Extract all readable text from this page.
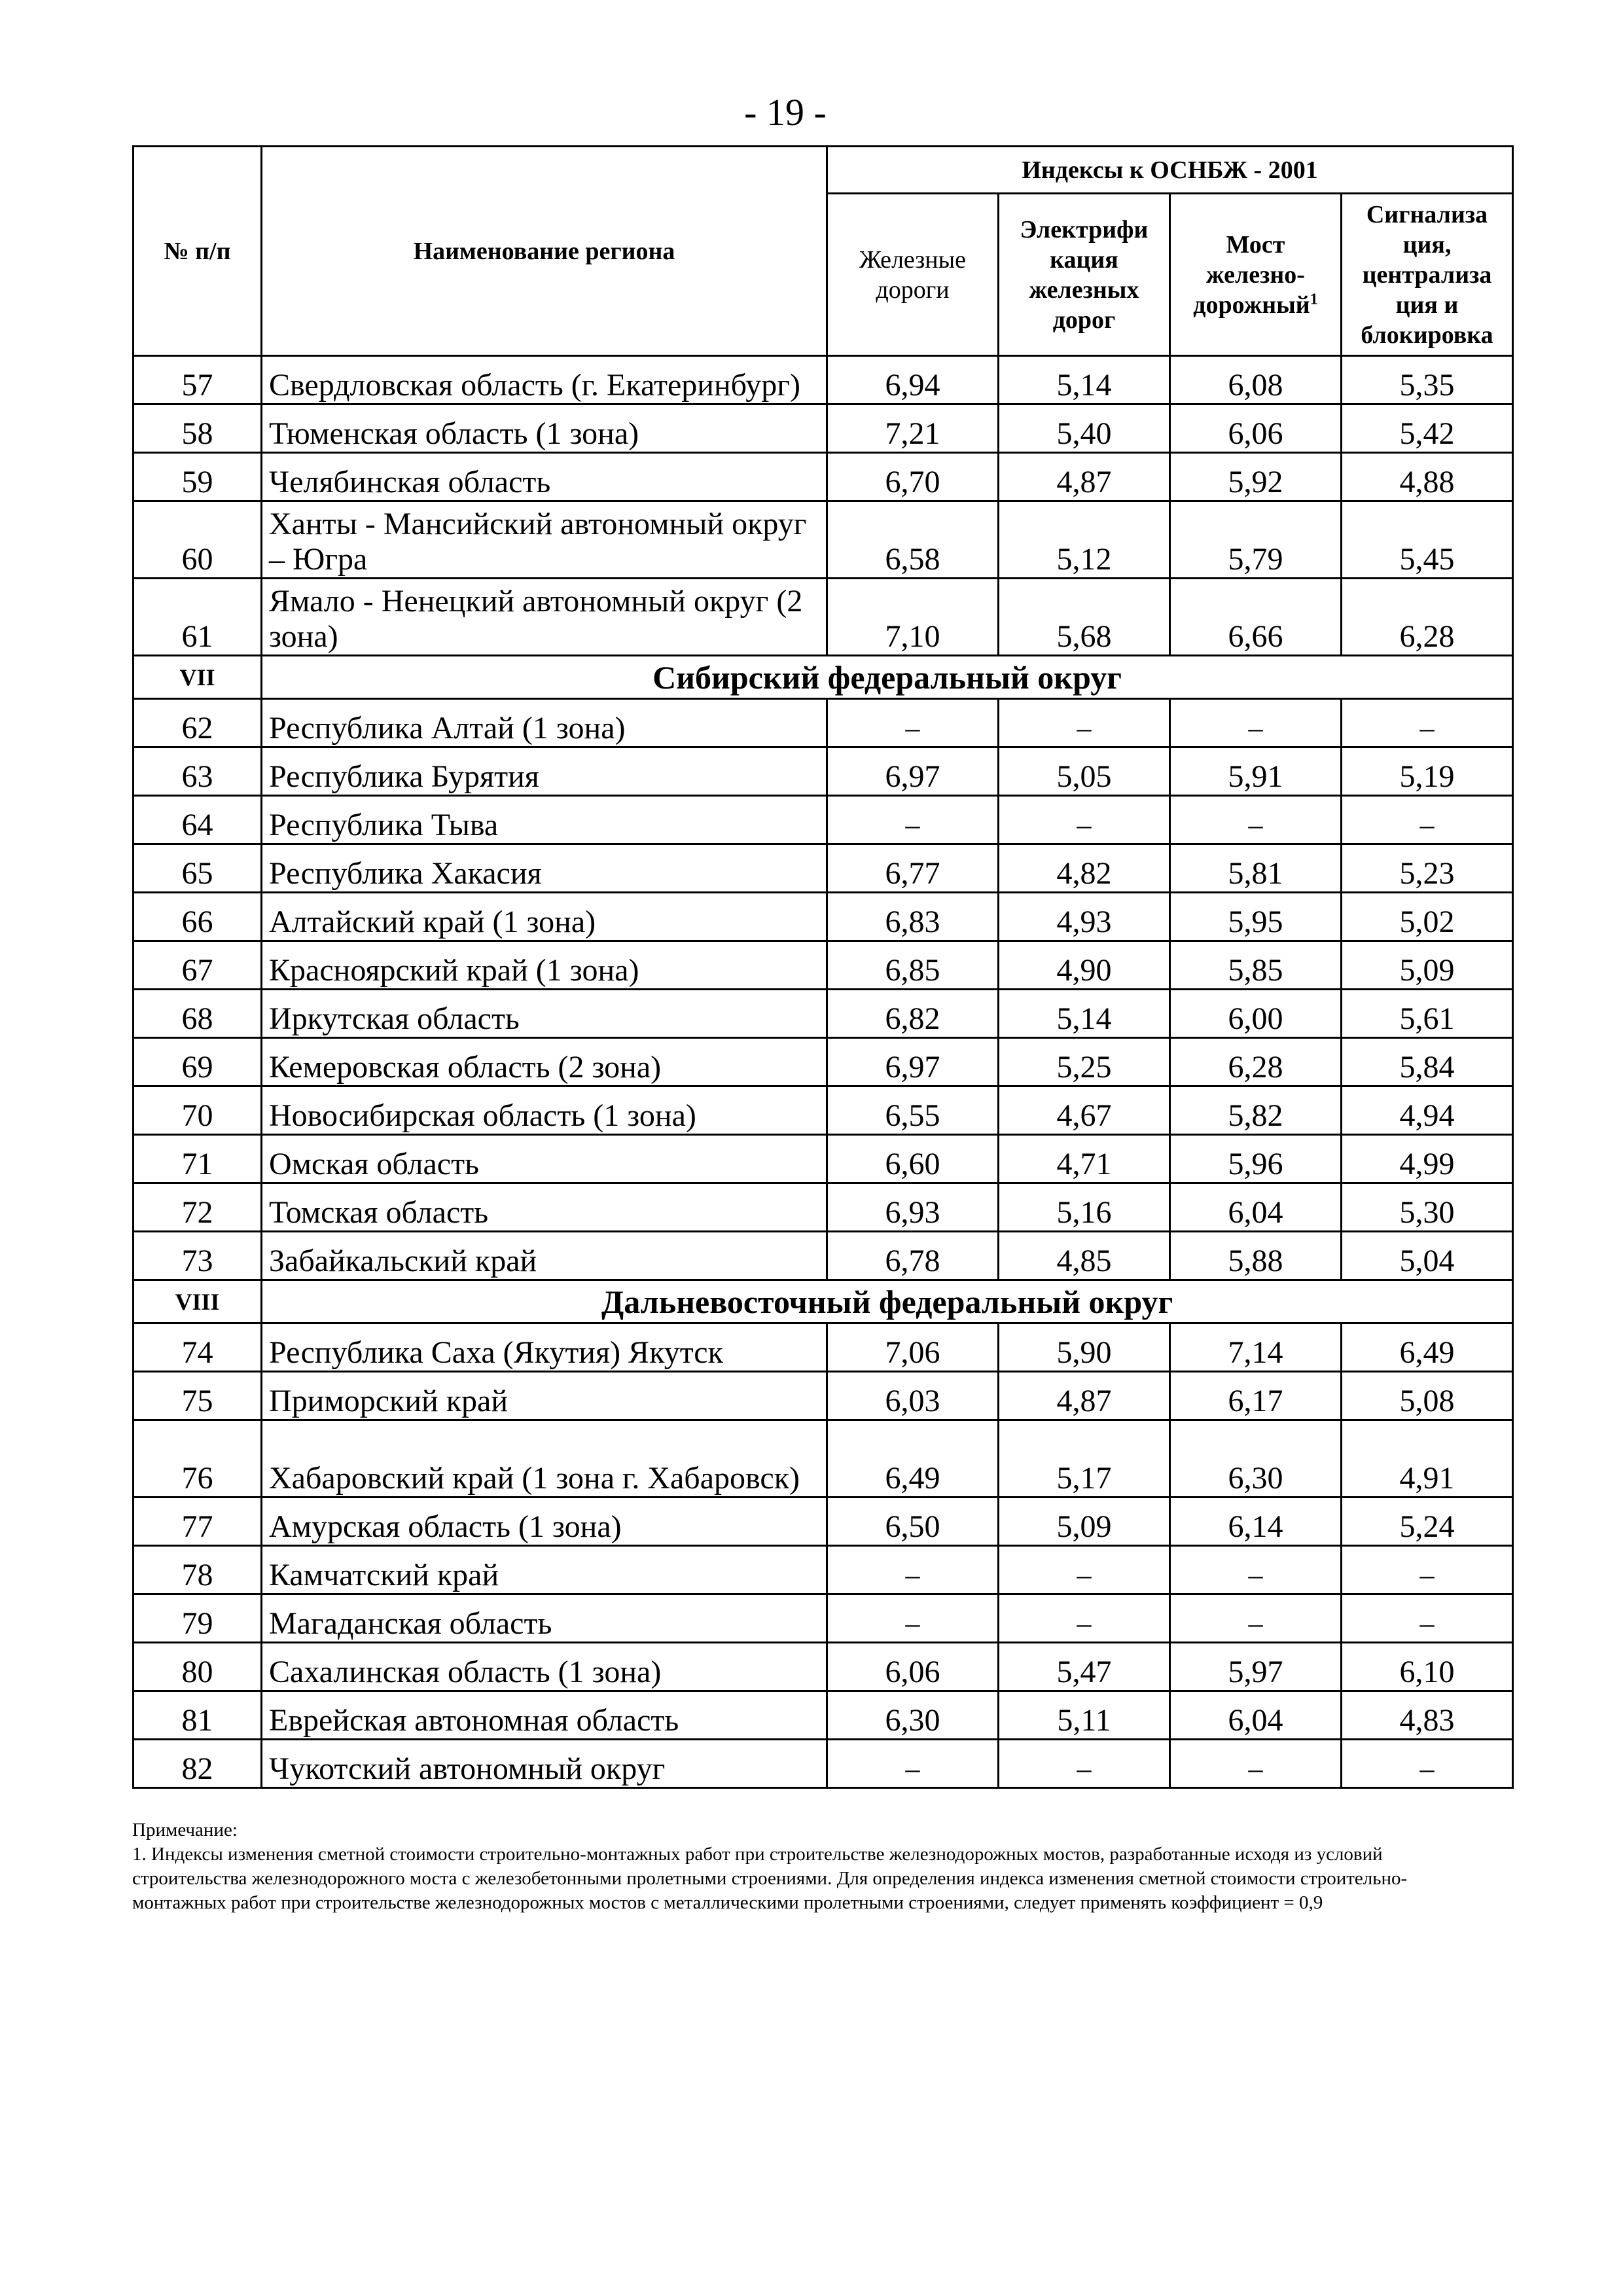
- 19 -
№ п/п	Наименование региона	Индексы к ОСНБЖ - 2001			
		Железные дороги	Электрифи кация железных дорог	Мост железно-дорожный$^1$	Сигнализа ция, централиза ция и блокировка
57	Свердловская область (г. Екатеринбург)	6,94	5,14	6,08	5,35
58	Тюменская область (1 зона)	7,21	5,40	6,06	5,42
59	Челябинская область	6,70	4,87	5,92	4,88
60	Ханты - Мансийский автономный округ – Югра	6,58	5,12	5,79	5,45
61	Ямало - Ненецкий автономный округ (2 зона)	7,10	5,68	6,66	6,28
VII	Сибирский федеральный округ				
62	Республика Алтай (1 зона)	–	–	–	–
63	Республика Бурятия	6,97	5,05	5,91	5,19
64	Республика Тыва	–	–	–	–
65	Республика Хакасия	6,77	4,82	5,81	5,23
66	Алтайский край (1 зона)	6,83	4,93	5,95	5,02
67	Красноярский край (1 зона)	6,85	4,90	5,85	5,09
68	Иркутская область	6,82	5,14	6,00	5,61
69	Кемеровская область (2 зона)	6,97	5,25	6,28	5,84
70	Новосибирская область (1 зона)	6,55	4,67	5,82	4,94
71	Омская область	6,60	4,71	5,96	4,99
72	Томская область	6,93	5,16	6,04	5,30
73	Забайкальский край	6,78	4,85	5,88	5,04
VIII	Дальневосточный федеральный округ				
74	Республика Саха (Якутия) Якутск	7,06	5,90	7,14	6,49
75	Приморский край	6,03	4,87	6,17	5,08
76	Хабаровский край (1 зона г. Хабаровск)	6,49	5,17	6,30	4,91
77	Амурская область (1 зона)	6,50	5,09	6,14	5,24
78	Камчатский край	–	–	–	–
79	Магаданская область	–	–	–	–
80	Сахалинская область (1 зона)	6,06	5,47	5,97	6,10
81	Еврейская автономная область	6,30	5,11	6,04	4,83
82	Чукотский автономный округ	–	–	–	–

Примечание:

1. Индексы изменения сметной стоимости строительно-монтажных работ при строительстве железнодорожных мостов, разработанные исходя из условий строительства железнодорожного моста с железобетонными пролетными строениями. Для определения индекса изменения сметной стоимости строительно-монтажных работ при строительстве железнодорожных мостов с металлическими пролетными строениями, следует применять коэффициент = 0,9
